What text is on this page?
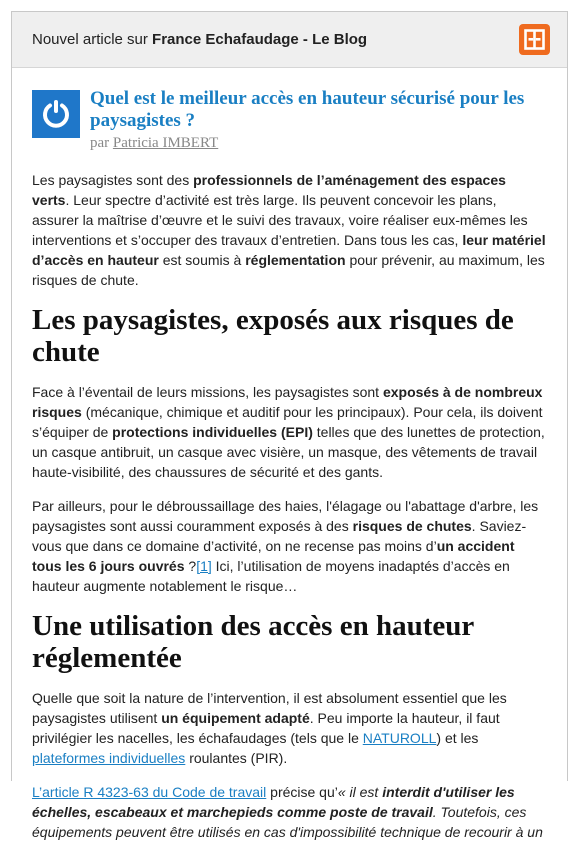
Nouvel article sur France Echafaudage - Le Blog
Quel est le meilleur accès en hauteur sécurisé pour les paysagistes ?
par Patricia IMBERT

Les paysagistes sont des professionnels de l’aménagement des espaces verts. Leur spectre d’activité est très large. Ils peuvent concevoir les plans, assurer la maîtrise d’œuvre et le suivi des travaux, voire réaliser eux-mêmes les interventions et s’occuper des travaux d’entretien. Dans tous les cas, leur matériel d’accès en hauteur est soumis à réglementation pour prévenir, au maximum, les risques de chute.

Les paysagistes, exposés aux risques de chute

Face à l’éventail de leurs missions, les paysagistes sont exposés à de nombreux risques (mécanique, chimique et auditif pour les principaux). Pour cela, ils doivent s’équiper de protections individuelles (EPI) telles que des lunettes de protection, un casque antibruit, un casque avec visière, un masque, des vêtements de travail haute-visibilité, des chaussures de sécurité et des gants.

Par ailleurs, pour le débroussaillage des haies, l'élagage ou l'abattage d'arbre, les paysagistes sont aussi couramment exposés à des risques de chutes. Saviez-vous que dans ce domaine d’activité, on ne recense pas moins d’un accident tous les 6 jours ouvrés ?[1] Ici, l’utilisation de moyens inadaptés d’accès en hauteur augmente notablement le risque…

Une utilisation des accès en hauteur réglementée

Quelle que soit la nature de l’intervention, il est absolument essentiel que les paysagistes utilisent un équipement adapté. Peu importe la hauteur, il faut privilégier les nacelles, les échafaudages (tels que le NATUROLL) et les plateformes individuelles roulantes (PIR).

L’article R 4323-63 du Code de travail précise qu’« il est interdit d'utiliser les échelles, escabeaux et marchepieds comme poste de travail. Toutefois, ces équipements peuvent être utilisés en cas d'impossibilité technique de recourir à un
